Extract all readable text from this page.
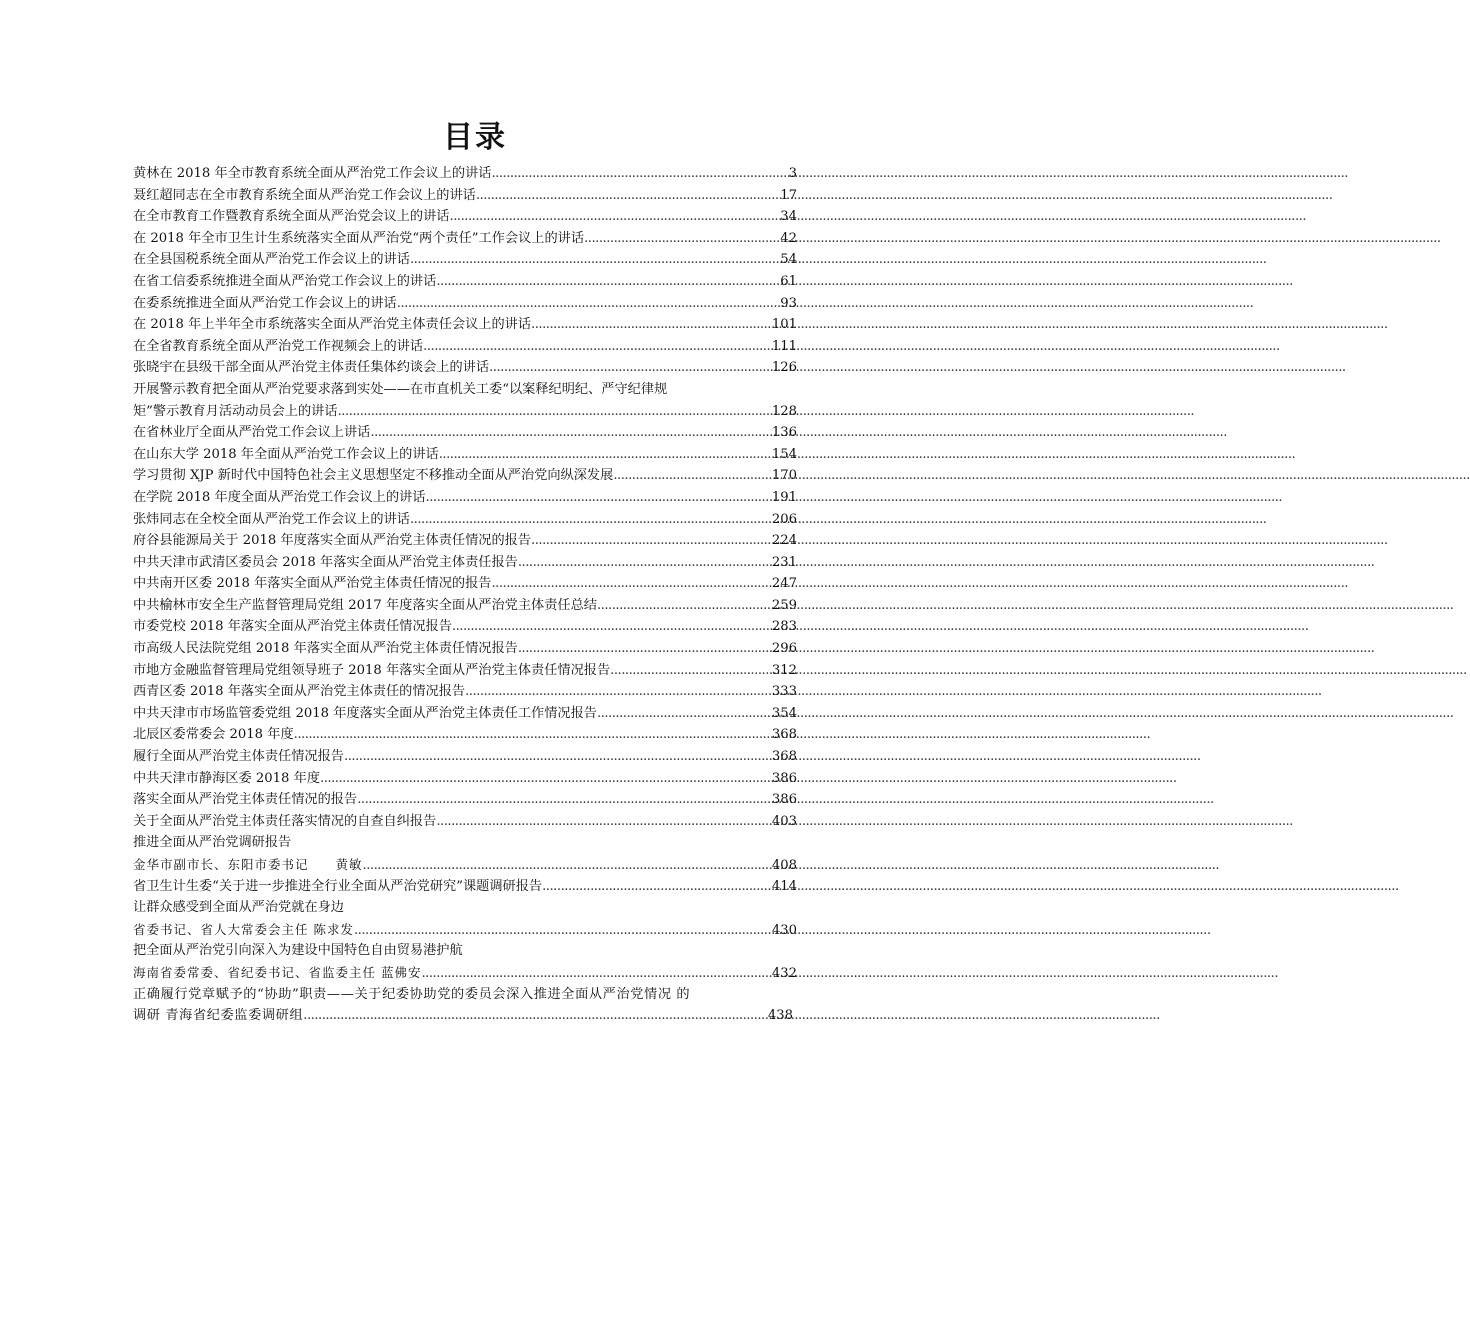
目录
黄林在 2018 年全市教育系统全面从严治党工作会议上的讲话 .....	3
聂红超同志在全市教育系统全面从严治党工作会议上的讲话 .....	17
在全市教育工作暨教育系统全面从严治党会议上的讲话 .....	34
在 2018 年全市卫生计生系统落实全面从严治党“两个责任”工作会议上的讲话 .....	42
在全县国税系统全面从严治党工作会议上的讲话 .....	54
在省工信委系统推进全面从严治党工作会议上的讲话 .....	61
在委系统推进全面从严治党工作会议上的讲话 .....	93
在 2018 年上半年全市系统落实全面从严治党主体责任会议上的讲话 .....	101
在全省教育系统全面从严治党工作视频会上的讲话 .....	111
张晓宇在县级干部全面从严治党主体责任集体约谈会上的讲话 .....	126
开展警示教育把全面从严治党要求落到实处——在市直机关工委“以案释纪明纪、严守纪律规
矩”警示教育月活动动员会上的讲话 .....	128
在省林业厅全面从严治党工作会议上讲话 .....	136
在山东大学 2018 年全面从严治党工作会议上的讲话 .....	154
学习贯彻 XJP 新时代中国特色社会主义思想坚定不移推动全面从严治党向纵深发展 .....	170
在学院 2018 年度全面从严治党工作会议上的讲话 .....	191
张炜同志在全校全面从严治党工作会议上的讲话 .....	206
府谷县能源局关于 2018 年度落实全面从严治党主体责任情况的报告 .....	224
中共天津市武清区委员会 2018 年落实全面从严治党主体责任报告 .....	231
中共南开区委 2018 年落实全面从严治党主体责任情况的报告 .....	247
中共榆林市安全生产监督管理局党组 2017 年度落实全面从严治党主体责任总结 .....	259
市委党校 2018 年落实全面从严治党主体责任情况报告 .....	283
市高级人民法院党组 2018 年落实全面从严治党主体责任情况报告 .....	296
市地方金融监督管理局党组领导班子 2018 年落实全面从严治党主体责任情况报告 .....	312
西青区委 2018 年落实全面从严治党主体责任的情况报告 .....	333
中共天津市市场监管委党组 2018 年度落实全面从严治党主体责任工作情况报告 .....	354
北辰区委常委会 2018 年度 .....	368
履行全面从严治党主体责任情况报告 .....	368
中共天津市静海区委 2018 年度 .....	386
落实全面从严治党主体责任情况的报告 .....	386
关于全面从严治党主体责任落实情况的自查自纠报告 .....	403
推进全面从严治党调研报告
金华市副市长、东阳市委书记　　黄敏 .....	408
省卫生计生委“关于进一步推进全行业全面从严治党研究”课题调研报告 .....	414
让群众感受到全面从严治党就在身边
省委书记、省人大常委会主任 陈求发 .....	430
把全面从严治党引向深入为建设中国特色自由贸易港护航
海南省委常委、省纪委书记、省监委主任 蓝佛安 .....	432
正确履行党章赋予的“协助”职责——关于纪委协助党的委员会深入推进全面从严治党情况 的
调研 青海省纪委监委调研组 .....	438
